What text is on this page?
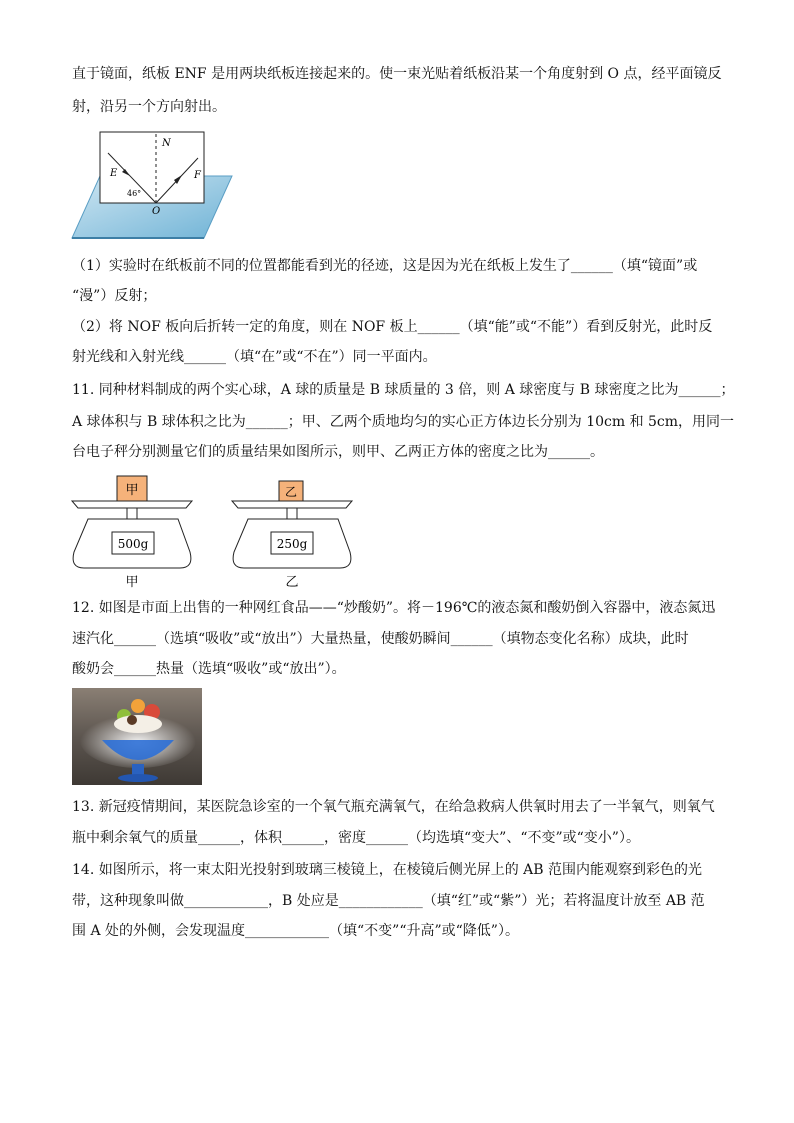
直于镜面，纸板 ENF 是用两块纸板连接起来的。使一束光贴着纸板沿某一个角度射到 O 点，经平面镜反
射，沿另一个方向射出。
N
E	F
46°
O
（1）实验时在纸板前不同的位置都能看到光的径迹，这是因为光在纸板上发生了______（填“镜面”或
“漫”）反射；
（2）将 NOF 板向后折转一定的角度，则在 NOF 板上______（填“能”或“不能”）看到反射光，此时反
射光线和入射光线______（填“在”或“不在”）同一平面内。
11. 同种材料制成的两个实心球，A 球的质量是 B 球质量的 3 倍，则 A 球密度与 B 球密度之比为______；
A 球体积与 B 球体积之比为______；甲、乙两个质地均匀的实心正方体边长分别为 10cm 和 5cm，用同一
台电子秤分别测量它们的质量结果如图所示，则甲、乙两正方体的密度之比为______。
甲
500g
甲
乙
250g
乙
12. 如图是市面上出售的一种网红食品——“炒酸奶”。将－196℃的液态氮和酸奶倒入容器中，液态氮迅
速汽化______（选填“吸收”或“放出”）大量热量，使酸奶瞬间______（填物态变化名称）成块，此时
酸奶会______热量（选填“吸收”或“放出”）。
13. 新冠疫情期间，某医院急诊室的一个氧气瓶充满氧气，在给急救病人供氧时用去了一半氧气，则氧气
瓶中剩余氧气的质量______，体积______，密度______（均选填“变大”、“不变”或“变小”）。
14. 如图所示，将一束太阳光投射到玻璃三棱镜上，在棱镜后侧光屏上的 AB 范围内能观察到彩色的光
带，这种现象叫做____________，B 处应是____________（填“红”或“紫”）光；若将温度计放至 AB 范
围 A 处的外侧，会发现温度____________（填“不变”“升高”或“降低”）。
